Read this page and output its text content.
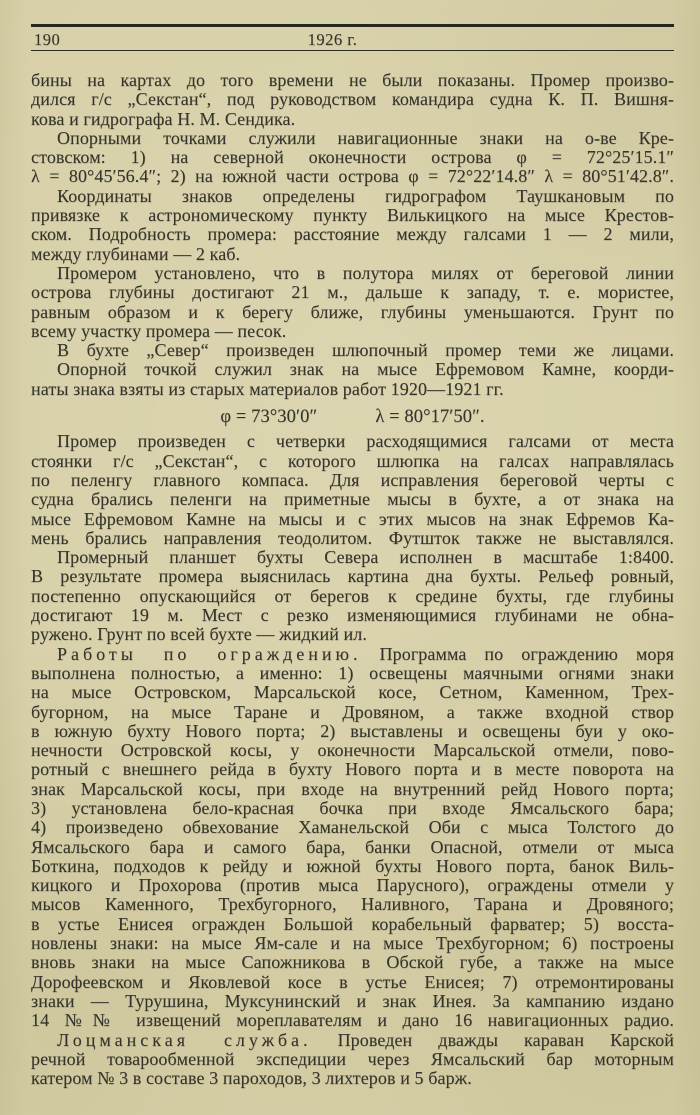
190	1926 г.
бины на картах до того времени не были показаны. Промер произво-
дился г/с „Секстан“, под руководством командира судна К. П. Вишня-
кова и гидрографа Н. М. Сендика.
Опорными точками служили навигационные знаки на о-ве Кре-
стовском: 1) на северной оконечности острова φ = 72°25′15.1″
λ = 80°45′56.4″; 2) на южной части острова φ = 72°22′14.8″ λ = 80°51′42.8″.
Координаты знаков определены гидрографом Таушкановым по
привязке к астрономическому пункту Вилькицкого на мысе Крестов-
ском. Подробность промера: расстояние между галсами 1 — 2 мили,
между глубинами — 2 каб.
Промером установлено, что в полутора милях от береговой линии
острова глубины достигают 21 м., дальше к западу, т. е. мористее,
равным образом и к берегу ближе, глубины уменьшаются. Грунт по
всему участку промера — песок.
В бухте „Север“ произведен шлюпочный промер теми же лицами.
Опорной точкой служил знак на мысе Ефремовом Камне, коорди-
наты знака взяты из старых материалов работ 1920—1921 гг.
φ = 73°30′0″	λ = 80°17′50″.
Промер произведен с четверки расходящимися галсами от места
стоянки г/с „Секстан“, с которого шлюпка на галсах направлялась
по пеленгу главного компаса. Для исправления береговой черты с
судна брались пеленги на приметные мысы в бухте, а от знака на
мысе Ефремовом Камне на мысы и с этих мысов на знак Ефремов Ка-
мень брались направления теодолитом. Футшток также не выставлялся.
Промерный планшет бухты Севера исполнен в масштабе 1:8400.
В результате промера выяснилась картина дна бухты. Рельеф ровный,
постепенно опускающийся от берегов к средине бухты, где глубины
достигают 19 м. Мест с резко изменяющимися глубинами не обна-
ружено. Грунт по всей бухте — жидкий ил.
Работы по ограждению. Программа по ограждению моря
выполнена полностью, а именно: 1) освещены маячными огнями знаки
на мысе Островском, Марсальской косе, Сетном, Каменном, Трех-
бугорном, на мысе Таране и Дровяном, а также входной створ
в южную бухту Нового порта; 2) выставлены и освещены буи у око-
нечности Островской косы, у оконечности Марсальской отмели, пово-
ротный с внешнего рейда в бухту Нового порта и в месте поворота на
знак Марсальской косы, при входе на внутренний рейд Нового порта;
3) установлена бело-красная бочка при входе Ямсальского бара;
4) произведено обвехование Хаманельской Оби с мыса Толстого до
Ямсальского бара и самого бара, банки Опасной, отмели от мыса
Боткина, подходов к рейду и южной бухты Нового порта, банок Виль-
кицкого и Прохорова (против мыса Парусного), ограждены отмели у
мысов Каменного, Трехбугорного, Наливного, Тарана и Дровяного;
в устье Енисея огражден Большой корабельный фарватер; 5) восста-
новлены знаки: на мысе Ям-сале и на мысе Трехбугорном; 6) построены
вновь знаки на мысе Сапожникова в Обской губе, а также на мысе
Дорофеевском и Яковлевой косе в устье Енисея; 7) отремонтированы
знаки — Турушина, Муксунинский и знак Инея. За кампанию издано
14 №№ извещений мореплавателям и дано 16 навигационных радио.
Лоцманская служба. Проведен дважды караван Карской
речной товарообменной экспедиции через Ямсальский бар моторным
катером № 3 в составе 3 пароходов, 3 лихтеров и 5 барж.
